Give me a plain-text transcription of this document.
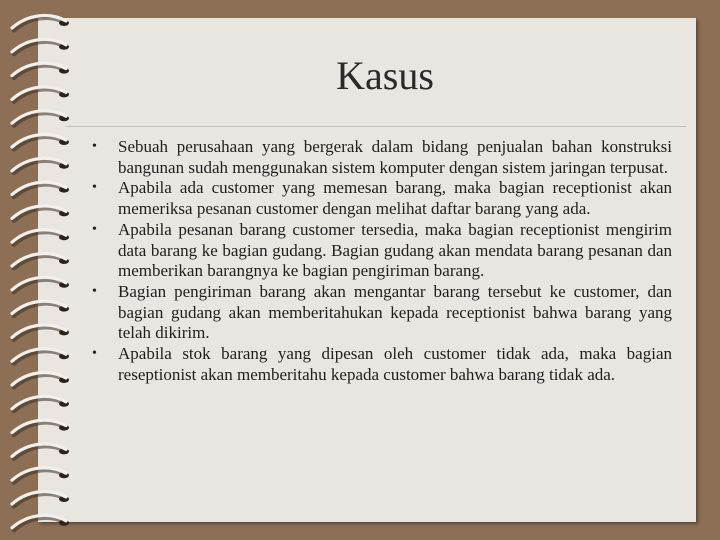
Kasus
•	Sebuah perusahaan yang bergerak dalam bidang penjualan bahan konstruksi bangunan sudah menggunakan sistem komputer dengan sistem jaringan terpusat.
•	Apabila ada customer yang memesan barang, maka bagian receptionist akan memeriksa pesanan customer dengan melihat daftar barang yang ada.
•	Apabila pesanan barang customer tersedia, maka bagian receptionist mengirim data barang ke bagian gudang. Bagian gudang akan mendata barang pesanan dan memberikan barangnya ke bagian pengiriman barang.
•	Bagian pengiriman barang akan mengantar barang tersebut ke customer, dan bagian gudang akan memberitahukan kepada receptionist bahwa barang yang telah dikirim.
•	Apabila stok barang yang dipesan oleh customer tidak ada, maka bagian reseptionist akan memberitahu kepada customer bahwa barang tidak ada.
